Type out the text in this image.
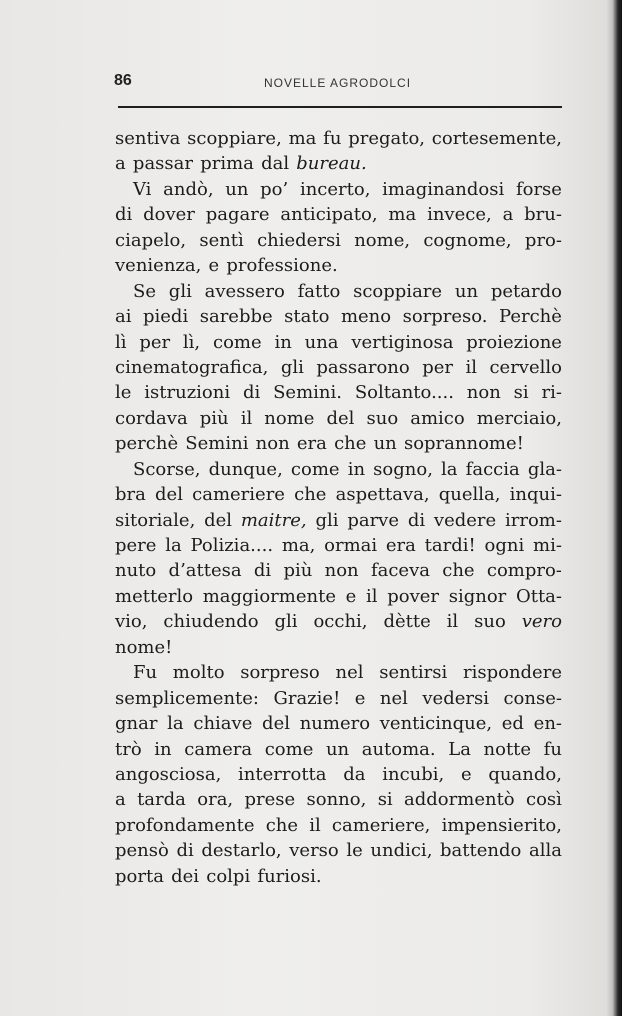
86	NOVELLE AGRODOLCI
sentiva scoppiare, ma fu pregato, cortesemente,
a passar prima dal bureau.
Vi andò, un po’ incerto, imaginandosi forse
di dover pagare anticipato, ma invece, a bru-
ciapelo, sentì chiedersi nome, cognome, pro-
venienza, e professione.
Se gli avessero fatto scoppiare un petardo
ai piedi sarebbe stato meno sorpreso. Perchè
lì per lì, come in una vertiginosa proiezione
cinematografica, gli passarono per il cervello
le istruzioni di Semini. Soltanto.... non si ri-
cordava più il nome del suo amico merciaio,
perchè Semini non era che un soprannome!
Scorse, dunque, come in sogno, la faccia gla-
bra del cameriere che aspettava, quella, inqui-
sitoriale, del maitre, gli parve di vedere irrom-
pere la Polizia.... ma, ormai era tardi! ogni mi-
nuto d’attesa di più non faceva che compro-
metterlo maggiormente e il pover signor Otta-
vio, chiudendo gli occhi, dètte il suo vero
nome!
Fu molto sorpreso nel sentirsi rispondere
semplicemente: Grazie! e nel vedersi conse-
gnar la chiave del numero venticinque, ed en-
trò in camera come un automa. La notte fu
angosciosa, interrotta da incubi, e quando,
a tarda ora, prese sonno, si addormentò così
profondamente che il cameriere, impensierito,
pensò di destarlo, verso le undici, battendo alla
porta dei colpi furiosi.
